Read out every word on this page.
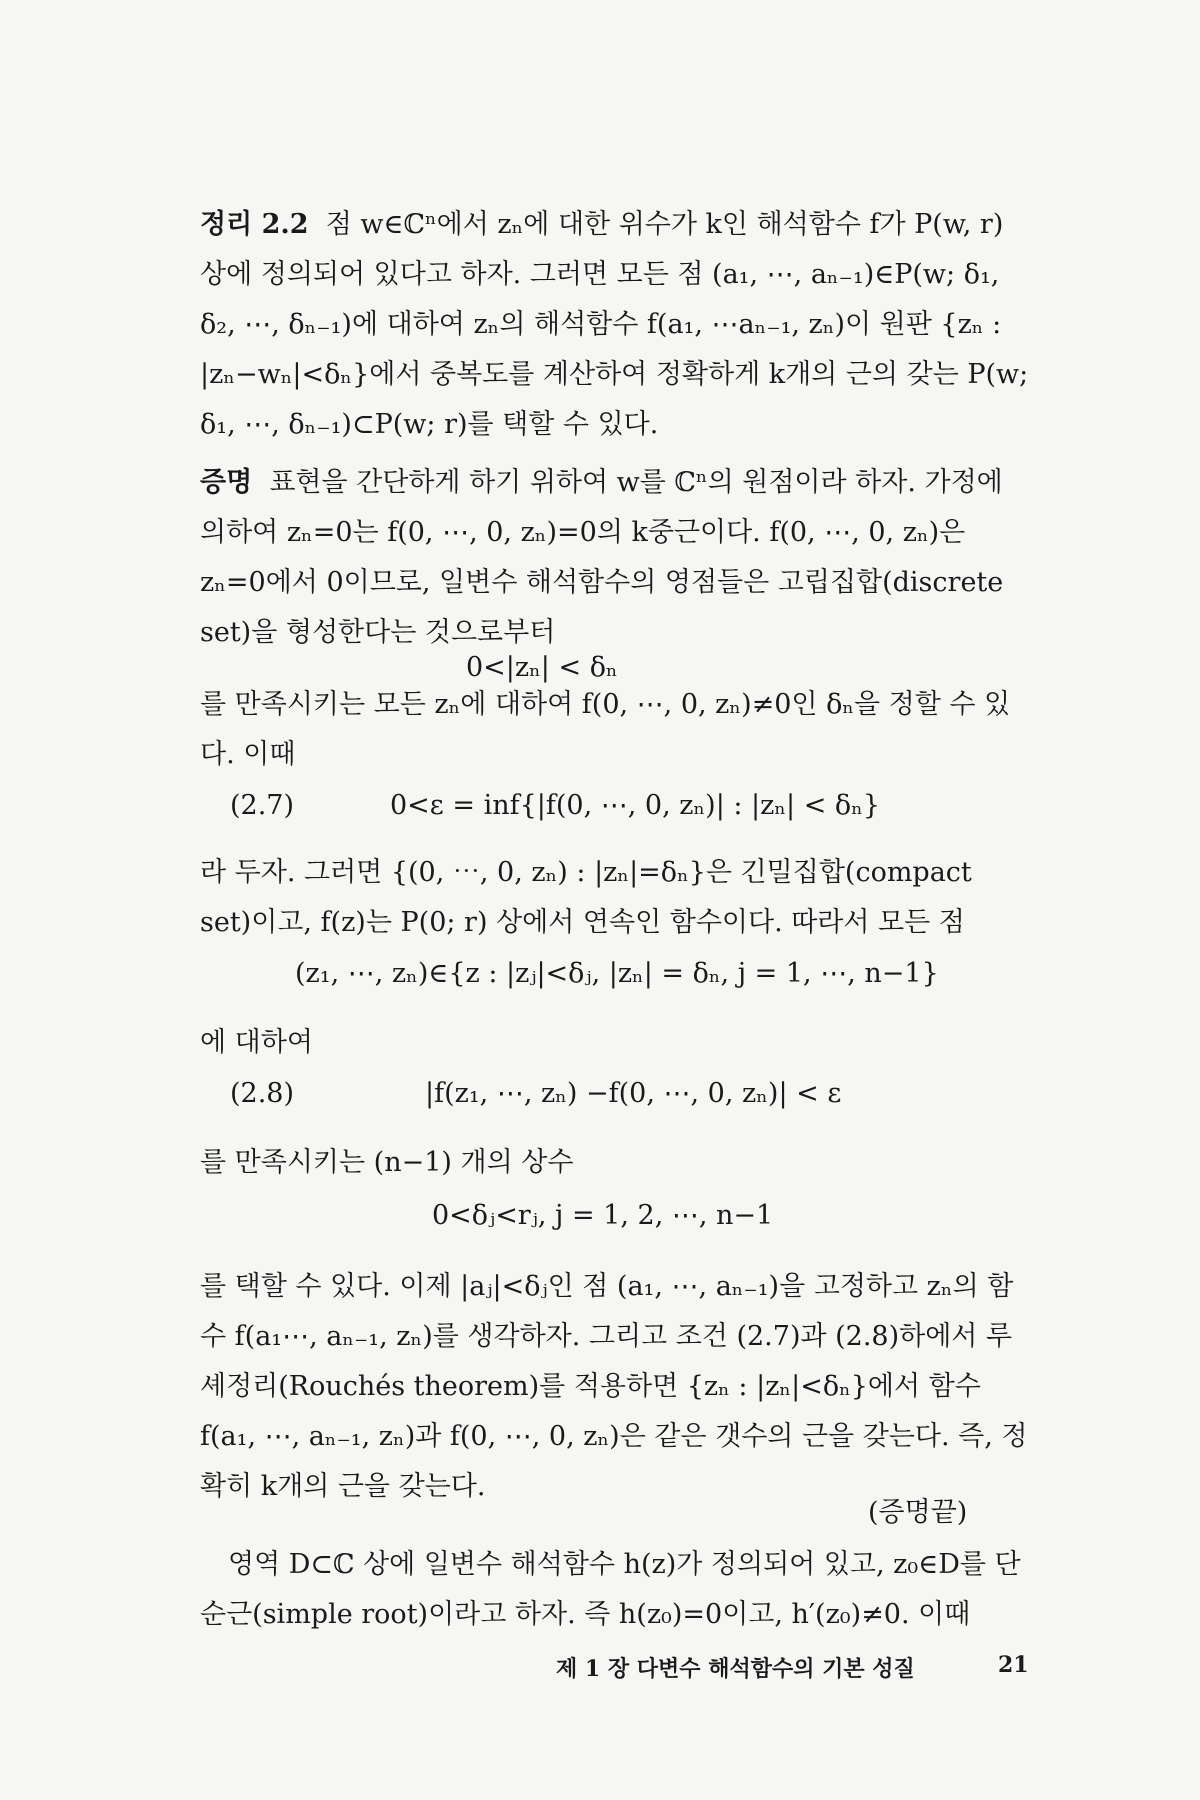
정리 2.2 점 w∈ℂⁿ에서 zₙ에 대한 위수가 k인 해석함수 f가 P(w, r) 상에 정의되어 있다고 하자. 그러면 모든 점 (a₁, ⋯, aₙ₋₁)∈P(w; δ₁, δ₂, ⋯, δₙ₋₁)에 대하여 zₙ의 해석함수 f(a₁, ⋯aₙ₋₁, zₙ)이 원판 {zₙ : |zₙ−wₙ|<δₙ}에서 중복도를 계산하여 정확하게 k개의 근의 갖는 P(w; δ₁, ⋯, δₙ₋₁)⊂P(w; r)를 택할 수 있다.
증명 표현을 간단하게 하기 위하여 w를 ℂⁿ의 원점이라 하자. 가정에 의하여 zₙ=0는 f(0, ⋯, 0, zₙ)=0의 k중근이다. f(0, ⋯, 0, zₙ)은 zₙ=0에서 0이므로, 일변수 해석함수의 영점들은 고립집합(discrete set)을 형성한다는 것으로부터
0<|zₙ| < δₙ
를 만족시키는 모든 zₙ에 대하여 f(0, ⋯, 0, zₙ)≠0인 δₙ을 정할 수 있다. 이때
(2.7)	0<ε = inf{|f(0, ⋯, 0, zₙ)| : |zₙ| < δₙ}
라 두자. 그러면 {(0, ⋯, 0, zₙ) : |zₙ|=δₙ}은 긴밀집합(compact set)이고, f(z)는 P(0; r) 상에서 연속인 함수이다. 따라서 모든 점
(z₁, ⋯, zₙ)∈{z : |zⱼ|<δⱼ, |zₙ| = δₙ, j = 1, ⋯, n−1}
에 대하여
(2.8)	|f(z₁, ⋯, zₙ) −f(0, ⋯, 0, zₙ)| < ε
를 만족시키는 (n−1) 개의 상수
0<δⱼ<rⱼ, j = 1, 2, ⋯, n−1
를 택할 수 있다. 이제 |aⱼ|<δⱼ인 점 (a₁, ⋯, aₙ₋₁)을 고정하고 zₙ의 함수 f(a₁⋯, aₙ₋₁, zₙ)를 생각하자. 그리고 조건 (2.7)과 (2.8)하에서 루셰정리(Rouchés theorem)를 적용하면 {zₙ : |zₙ|<δₙ}에서 함수 f(a₁, ⋯, aₙ₋₁, zₙ)과 f(0, ⋯, 0, zₙ)은 같은 갯수의 근을 갖는다. 즉, 정확히 k개의 근을 갖는다.
(증명끝)
영역 D⊂ℂ 상에 일변수 해석함수 h(z)가 정의되어 있고, z₀∈D를 단순근(simple root)이라고 하자. 즉 h(z₀)=0이고, h′(z₀)≠0. 이때
제 1 장 다변수 해석함수의 기본 성질	21
